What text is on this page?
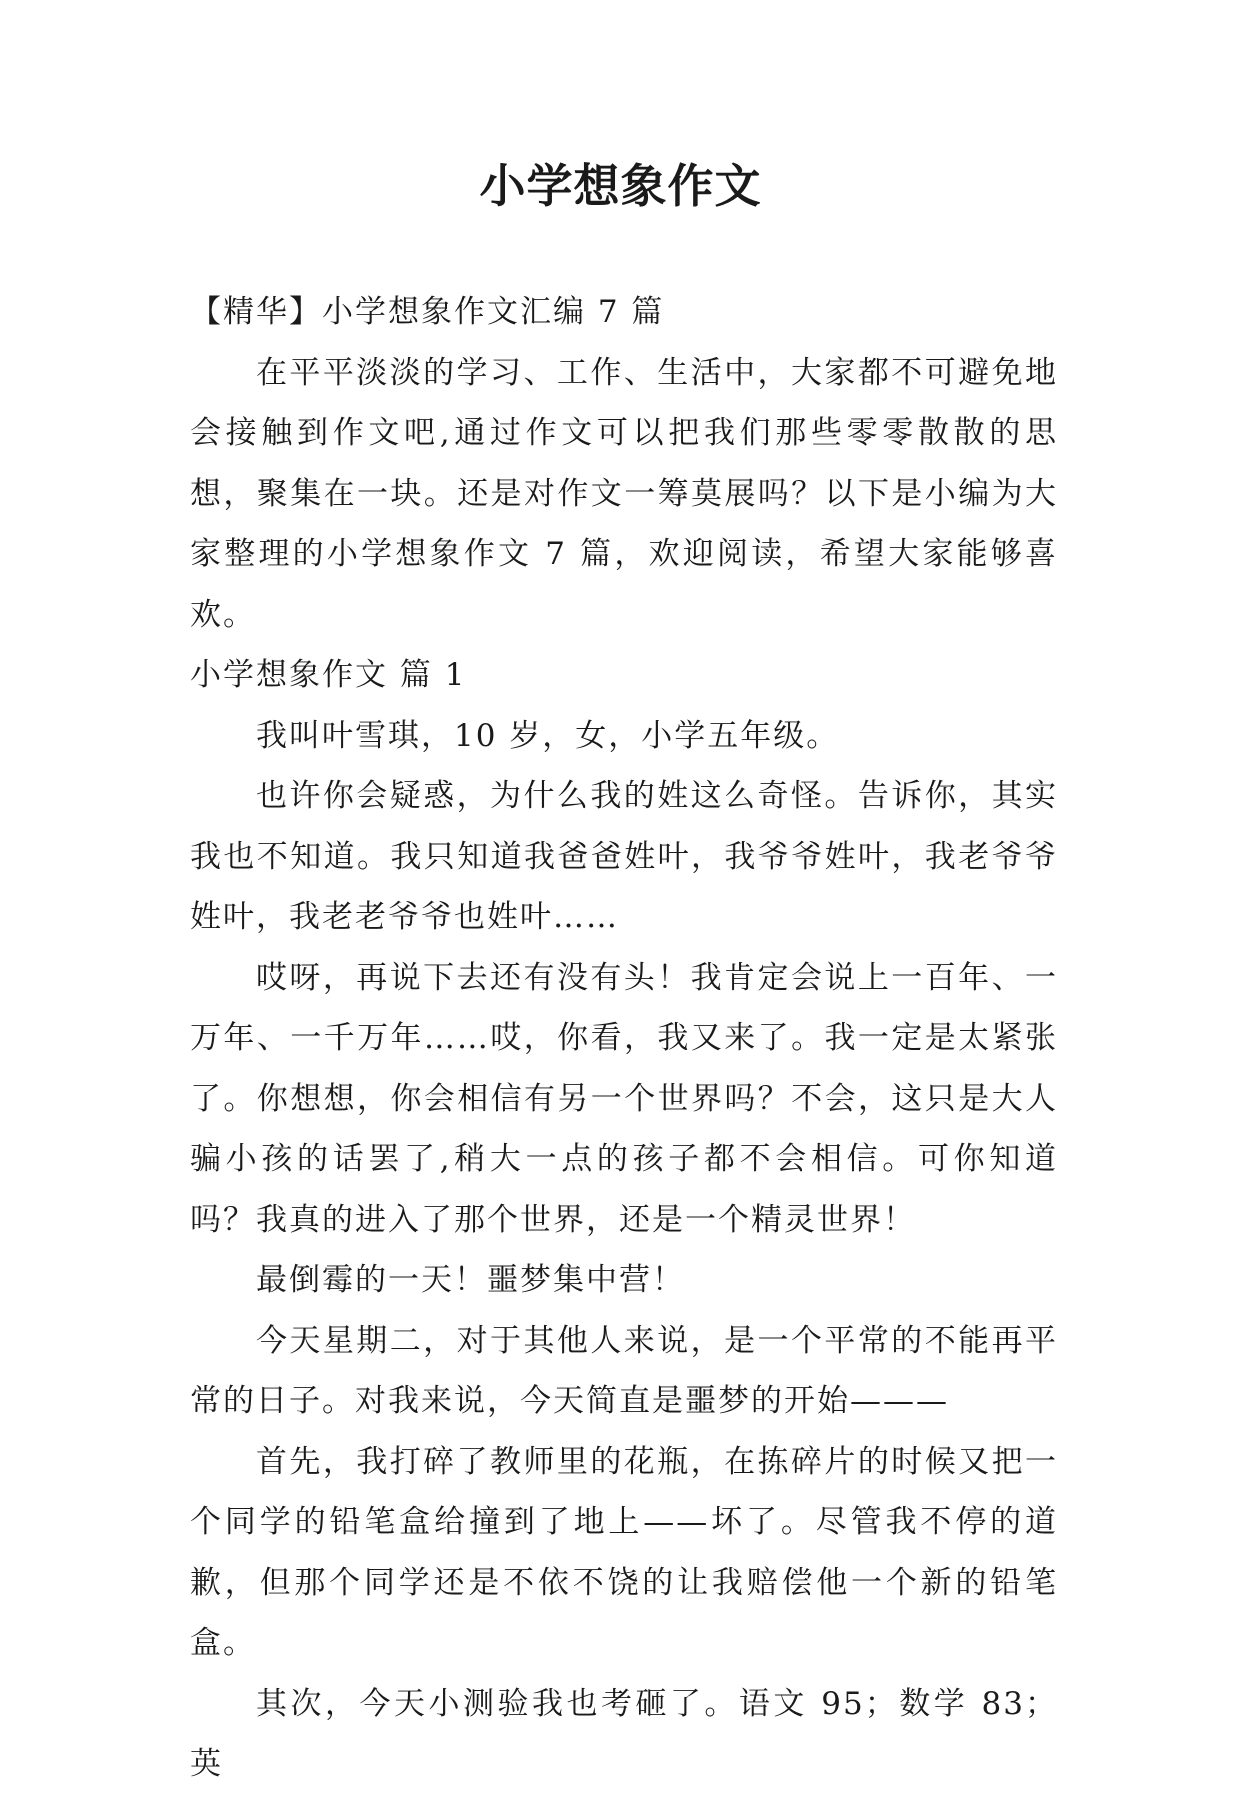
小学想象作文

【精华】小学想象作文汇编 7 篇

在平平淡淡的学习、工作、生活中，大家都不可避免地会接触到作文吧,通过作文可以把我们那些零零散散的思想，聚集在一块。还是对作文一筹莫展吗？以下是小编为大家整理的小学想象作文 7 篇，欢迎阅读，希望大家能够喜欢。

小学想象作文 篇 1

我叫叶雪琪，10 岁，女，小学五年级。

也许你会疑惑，为什么我的姓这么奇怪。告诉你，其实我也不知道。我只知道我爸爸姓叶，我爷爷姓叶，我老爷爷姓叶，我老老爷爷也姓叶……

哎呀，再说下去还有没有头！我肯定会说上一百年、一万年、一千万年……哎，你看，我又来了。我一定是太紧张了。你想想，你会相信有另一个世界吗？不会，这只是大人骗小孩的话罢了,稍大一点的孩子都不会相信。可你知道吗？我真的进入了那个世界，还是一个精灵世界！

最倒霉的一天！噩梦集中营！

今天星期二，对于其他人来说，是一个平常的不能再平常的日子。对我来说，今天简直是噩梦的开始———

首先，我打碎了教师里的花瓶，在拣碎片的时候又把一个同学的铅笔盒给撞到了地上——坏了。尽管我不停的道歉，但那个同学还是不依不饶的让我赔偿他一个新的铅笔盒。

其次，今天小测验我也考砸了。语文 95；数学 83；英
